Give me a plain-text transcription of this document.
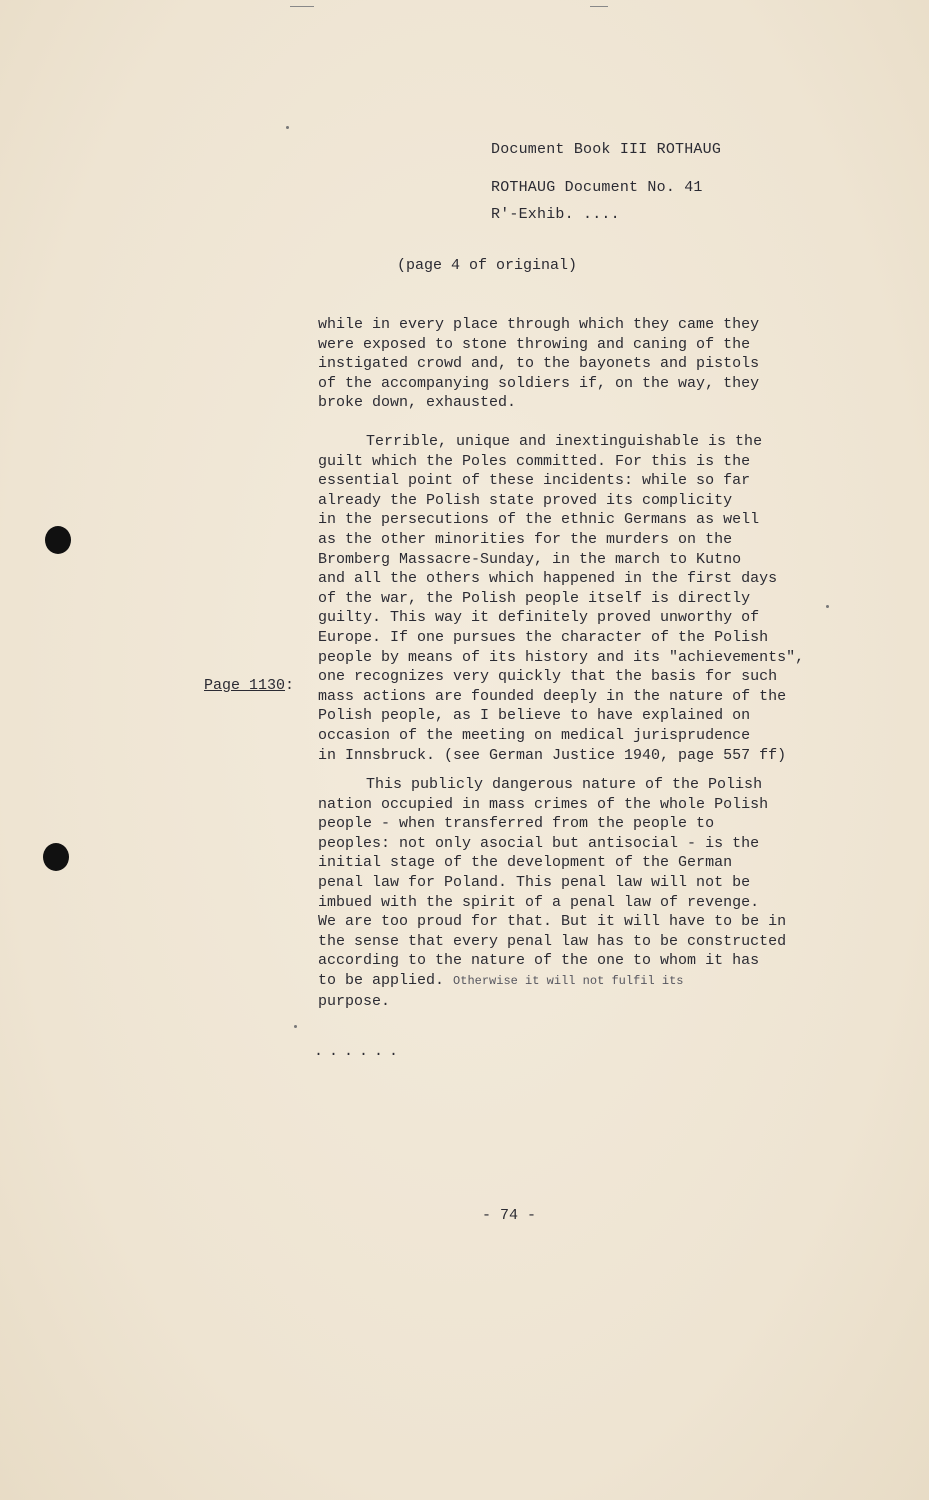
Document Book III ROTHAUG
ROTHAUG Document No. 41
R'-Exhib. ....
(page 4 of original)
while in every place through which they came they
were exposed to stone throwing and caning of the
instigated crowd and, to the bayonets and pistols
of the accompanying soldiers if, on the way, they
broke down, exhausted.
Terrible, unique and inextinguishable is the
guilt which the Poles committed. For this is the
essential point of these incidents: while so far
already the Polish state proved its complicity
in the persecutions of the ethnic Germans as well
as the other minorities for the murders on the
Bromberg Massacre-Sunday, in the march to Kutno
and all the others which happened in the first days
of the war, the Polish people itself is directly
guilty. This way it definitely proved unworthy of
Europe. If one pursues the character of the Polish
people by means of its history and its "achievements",
one recognizes very quickly that the basis for such
mass actions are founded deeply in the nature of the
Polish people, as I believe to have explained on
occasion of the meeting on medical jurisprudence
in Innsbruck. (see German Justice 1940, page 557 ff)
Page 1130:
This publicly dangerous nature of the Polish
nation occupied in mass crimes of the whole Polish
people - when transferred from the people to
peoples: not only asocial but antisocial - is the
initial stage of the development of the German
penal law for Poland. This penal law will not be
imbued with the spirit of a penal law of revenge.
We are too proud for that. But it will have to be in
the sense that every penal law has to be constructed
according to the nature of the one to whom it has
to be applied. Otherwise it will not fulfil its
purpose.
......
- 74 -
